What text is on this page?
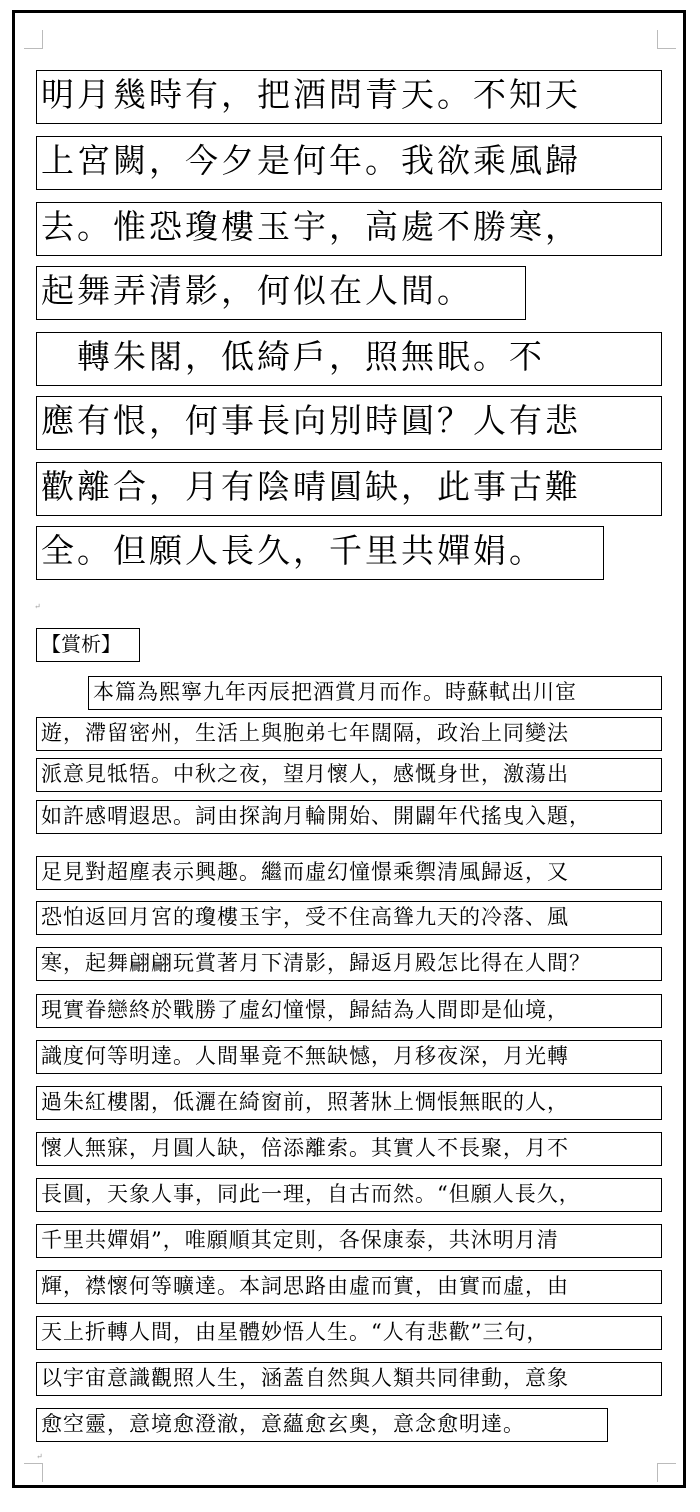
明月幾時有，把酒問青天。不知天
上宮闕，今夕是何年。我欲乘風歸
去。惟恐瓊樓玉宇，高處不勝寒，
起舞弄清影，何似在人間。
　轉朱閣，低綺戶，照無眠。不
應有恨，何事長向別時圓？人有悲
歡離合，月有陰晴圓缺，此事古難
全。但願人長久，千里共嬋娟。
↵
【賞析】
本篇為熙寧九年丙辰把酒賞月而作。時蘇軾出川宦
遊，滯留密州，生活上與胞弟七年闊隔，政治上同變法
派意見牴牾。中秋之夜，望月懷人，感慨身世，激蕩出
如許感喟遐思。詞由探詢月輪開始、開闢年代搖曳入題，
足見對超塵表示興趣。繼而虛幻憧憬乘禦清風歸返，又
恐怕返回月宮的瓊樓玉宇，受不住高聳九天的冷落、風
寒，起舞翩翩玩賞著月下清影，歸返月殿怎比得在人間？
現實眷戀終於戰勝了虛幻憧憬，歸結為人間即是仙境，
識度何等明達。人間畢竟不無缺憾，月移夜深，月光轉
過朱紅樓閣，低灑在綺窗前，照著牀上惆悵無眠的人，
懷人無寐，月圓人缺，倍添離索。其實人不長聚，月不
長圓，天象人事，同此一理，自古而然。“但願人長久，
千里共嬋娟”，唯願順其定則，各保康泰，共沐明月清
輝，襟懷何等曠達。本詞思路由虛而實，由實而虛，由
天上折轉人間，由星體妙悟人生。“人有悲歡”三句，
以宇宙意識觀照人生，涵蓋自然與人類共同律動，意象
愈空靈，意境愈澄澈，意蘊愈玄奧，意念愈明達。
↵
